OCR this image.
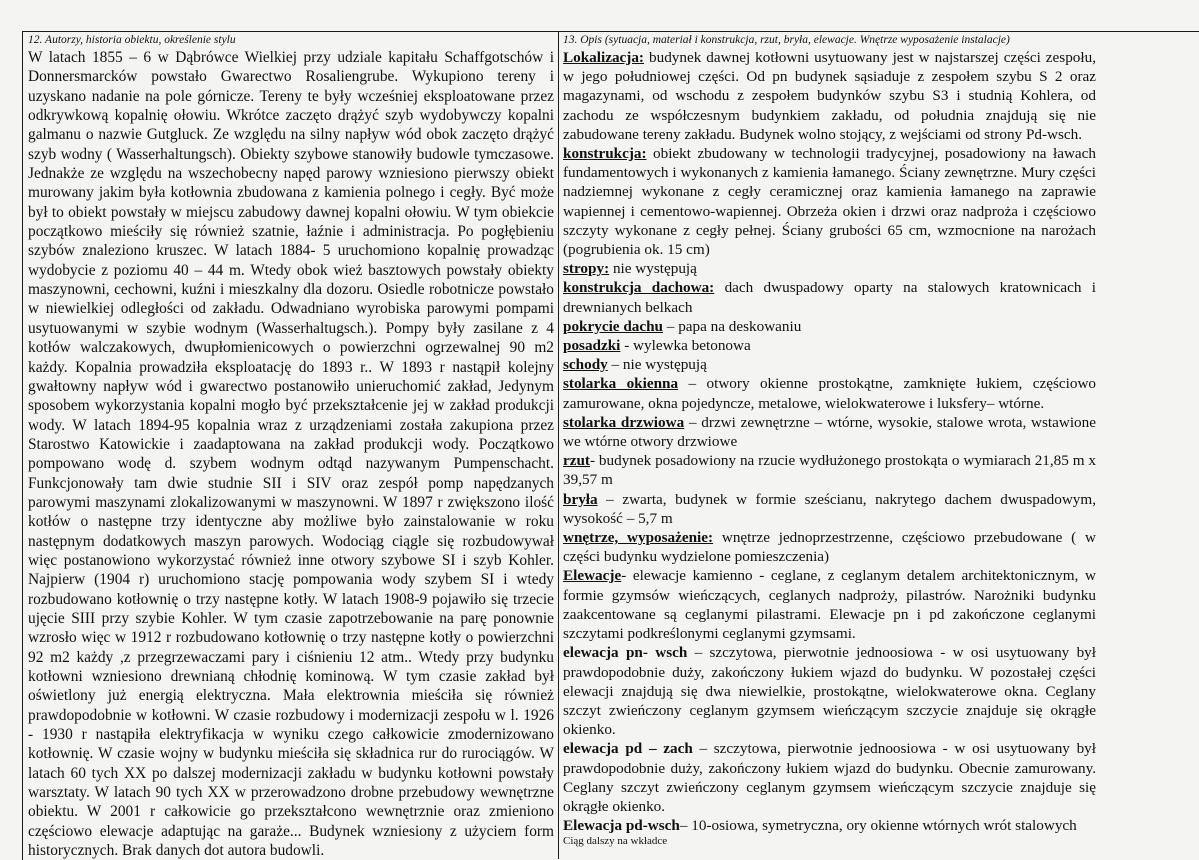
12. Autorzy, historia obiektu, określenie stylu

W latach 1855 – 6 w Dąbrówce Wielkiej przy udziale kapitału Schaffgotschów i Donnersmarcków powstało Gwarectwo Rosaliengrube. Wykupiono tereny i uzyskano nadanie na pole górnicze. Tereny te były wcześniej eksploatowane przez odkrywkową kopalnię ołowiu. Wkrótce zaczęto drążyć szyb wydobywczy kopalni galmanu o nazwie Gutgluck. Ze względu na silny napływ wód obok zaczęto drążyć szyb wodny ( Wasserhaltungsch). Obiekty szybowe stanowiły budowle tymczasowe. Jednakże ze względu na wszechobecny napęd parowy wzniesiono pierwszy obiekt murowany jakim była kotłownia zbudowana z kamienia polnego i cegły. Być może był to obiekt powstały w miejscu zabudowy dawnej kopalni ołowiu. W tym obiekcie początkowo mieściły się również szatnie, łaźnie i administracja. Po pogłębieniu szybów znaleziono kruszec. W latach 1884- 5 uruchomiono kopalnię prowadząc wydobycie z poziomu 40 – 44 m. Wtedy obok wież basztowych powstały obiekty maszynowni, cechowni, kuźni i mieszkalny dla dozoru. Osiedle robotnicze powstało w niewielkiej odległości od zakładu. Odwadniano wyrobiska parowymi pompami usytuowanymi w szybie wodnym (Wasserhaltugsch.). Pompy były zasilane z 4 kotłów walczakowych, dwupłomienicowych o powierzchni ogrzewalnej 90 m2 każdy. Kopalnia prowadziła eksploatację do 1893 r.. W 1893 r nastąpił kolejny gwałtowny napływ wód i gwarectwo postanowiło unieruchomić zakład, Jedynym sposobem wykorzystania kopalni mogło być przekształcenie jej w zakład produkcji wody. W latach 1894-95 kopalnia wraz z urządzeniami została zakupiona przez Starostwo Katowickie i zaadaptowana na zakład produkcji wody. Początkowo pompowano wodę d. szybem wodnym odtąd nazywanym Pumpenschacht. Funkcjonowały tam dwie studnie SII i SIV oraz zespół pomp napędzanych parowymi maszynami zlokalizowanymi w maszynowni. W 1897 r zwiększono ilość kotłów o następne trzy identyczne aby możliwe było zainstalowanie w roku następnym dodatkowych maszyn parowych. Wodociąg ciągle się rozbudowywał więc postanowiono wykorzystać również inne otwory szybowe SI i szyb Kohler. Najpierw (1904 r) uruchomiono stację pompowania wody szybem SI i wtedy rozbudowano kotłownię o trzy następne kotły. W latach 1908-9 pojawiło się trzecie ujęcie SIII przy szybie Kohler. W tym czasie zapotrzebowanie na parę ponownie wzrosło więc w 1912 r rozbudowano kotłownię o trzy następne kotły o powierzchni 92 m2 każdy ,z przegrzewaczami pary i ciśnieniu 12 atm.. Wtedy przy budynku kotłowni wzniesiono drewnianą chłodnię kominową. W tym czasie zakład był oświetlony już energią elektryczna. Mała elektrownia mieściła się również prawdopodobnie w kotłowni. W czasie rozbudowy i modernizacji zespołu w l. 1926 - 1930 r nastąpiła elektryfikacja w wyniku czego całkowicie zmodernizowano kotłownię. W czasie wojny w budynku mieściła się składnica rur do rurociągów. W latach 60 tych XX po dalszej modernizacji zakładu w budynku kotłowni powstały warsztaty. W latach 90 tych XX w przerowadzono drobne przebudowy wewnętrzne obiektu. W 2001 r całkowicie go przekształcono wewnętrznie oraz zmieniono częściowo elewacje adaptując na garaże... Budynek wzniesiony z użyciem form historycznych. Brak danych dot autora budowli.

13. Opis (sytuacja, materiał i konstrukcja, rzut, bryła, elewacje. Wnętrze wyposażenie instalacje)

Lokalizacja: budynek dawnej kotłowni usytuowany jest w najstarszej części zespołu, w jego południowej części. Od pn budynek sąsiaduje z zespołem szybu S 2 oraz magazynami, od wschodu z zespołem budynków szybu S3 i studnią Kohlera, od zachodu ze współczesnym budynkiem zakładu, od południa znajdują się nie zabudowane tereny zakładu. Budynek wolno stojący, z wejściami od strony Pd-wsch.

konstrukcja: obiekt zbudowany w technologii tradycyjnej, posadowiony na ławach fundamentowych i wykonanych z kamienia łamanego. Ściany zewnętrzne. Mury części nadziemnej wykonane z cegły ceramicznej oraz kamienia łamanego na zaprawie wapiennej i cementowo-wapiennej. Obrzeża okien i drzwi oraz nadproża i częściowo szczyty wykonane z cegły pełnej. Ściany grubości 65 cm, wzmocnione na narożach (pogrubienia ok. 15 cm)

stropy: nie występują

konstrukcja dachowa: dach dwuspadowy oparty na stalowych kratownicach i drewnianych belkach

pokrycie dachu – papa na deskowaniu

posadzki - wylewka betonowa

schody – nie występują

stolarka okienna – otwory okienne prostokątne, zamknięte łukiem, częściowo zamurowane, okna pojedyncze, metalowe, wielokwaterowe i luksfery– wtórne.

stolarka drzwiowa – drzwi zewnętrzne – wtórne, wysokie, stalowe wrota, wstawione we wtórne otwory drzwiowe

rzut- budynek posadowiony na rzucie wydłużonego prostokąta o wymiarach 21,85 m x 39,57 m

bryła – zwarta, budynek w formie sześcianu, nakrytego dachem dwuspadowym, wysokość – 5,7 m

wnętrze, wyposażenie: wnętrze jednoprzestrzenne, częściowo przebudowane ( w części budynku wydzielone pomieszczenia)

Elewacje- elewacje kamienno - ceglane, z ceglanym detalem architektonicznym, w formie gzymsów wieńczących, ceglanych nadproży, pilastrów. Narożniki budynku zaakcentowane są ceglanymi pilastrami. Elewacje pn i pd zakończone ceglanymi szczytami podkreślonymi ceglanymi gzymsami.

elewacja pn- wsch – szczytowa, pierwotnie jednoosiowa - w osi usytuowany był prawdopodobnie duży, zakończony łukiem wjazd do budynku. W pozostałej części elewacji znajdują się dwa niewielkie, prostokątne, wielokwaterowe okna. Ceglany szczyt zwieńczony ceglanym gzymsem wieńczącym szczycie znajduje się okrągłe okienko.

elewacja pd – zach – szczytowa, pierwotnie jednoosiowa - w osi usytuowany był prawdopodobnie duży, zakończony łukiem wjazd do budynku. Obecnie zamurowany. Ceglany szczyt zwieńczony ceglanym gzymsem wieńczącym szczycie znajduje się okrągłe okienko.

Elewacja pd-wsch– 10-osiowa, symetryczna, ory okienne wtórnych wrót stalowych

Ciąg dalszy na wkładce
